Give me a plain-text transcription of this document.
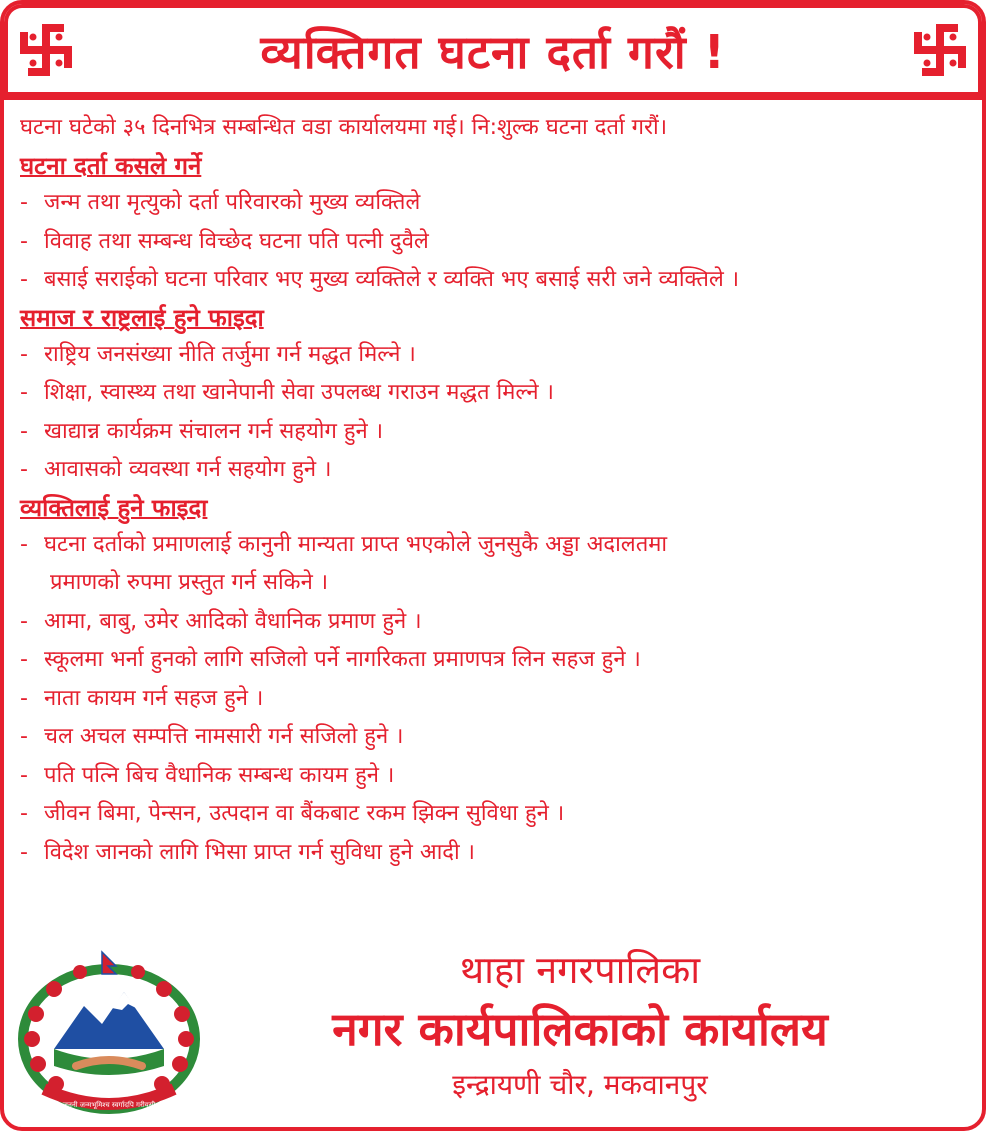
व्यक्तिगत घटना दर्ता गरौं !
घटना घटेको ३५ दिनभित्र सम्बन्धित वडा कार्यालयमा गई। नि:शुल्क घटना दर्ता गरौं।
घटना दर्ता कसले गर्ने
- जन्म तथा मृत्युको दर्ता परिवारको मुख्य व्यक्तिले
- विवाह तथा सम्बन्ध विच्छेद घटना पति पत्नी दुवैले
- बसाई सराईको घटना परिवार भए मुख्य व्यक्तिले र व्यक्ति भए बसाई सरी जने व्यक्तिले ।
समाज र राष्ट्रलाई हुने फाइदा
- राष्ट्रिय जनसंख्या नीति तर्जुमा गर्न मद्धत मिल्ने ।
- शिक्षा, स्वास्थ्य तथा खानेपानी सेवा उपलब्ध गराउन मद्धत मिल्ने ।
- खाद्यान्न कार्यक्रम संचालन गर्न सहयोग हुने ।
- आवासको व्यवस्था गर्न सहयोग हुने ।
व्यक्तिलाई हुने फाइदा
- घटना दर्ताको प्रमाणलाई कानुनी मान्यता प्राप्त भएकोले जुनसुकै अड्डा अदालतमा
प्रमाणको रुपमा प्रस्तुत गर्न सकिने ।
- आमा, बाबु, उमेर आदिको वैधानिक प्रमाण हुने ।
- स्कूलमा भर्ना हुनको लागि सजिलो पर्ने नागरिकता प्रमाणपत्र लिन सहज हुने ।
- नाता कायम गर्न सहज हुने ।
- चल अचल सम्पत्ति नामसारी गर्न सजिलो हुने ।
- पति पत्नि बिच वैधानिक सम्बन्ध कायम हुने ।
- जीवन बिमा, पेन्सन, उत्पदान वा बैंकबाट रकम झिक्न सुविधा हुने ।
- विदेश जानको लागि भिसा प्राप्त गर्न सुविधा हुने आदी ।
जननी जन्मभूमिश्च स्वर्गादपि गरीयसी
थाहा नगरपालिका
नगर कार्यपालिकाको कार्यालय
इन्द्रायणी चौर, मकवानपुर
